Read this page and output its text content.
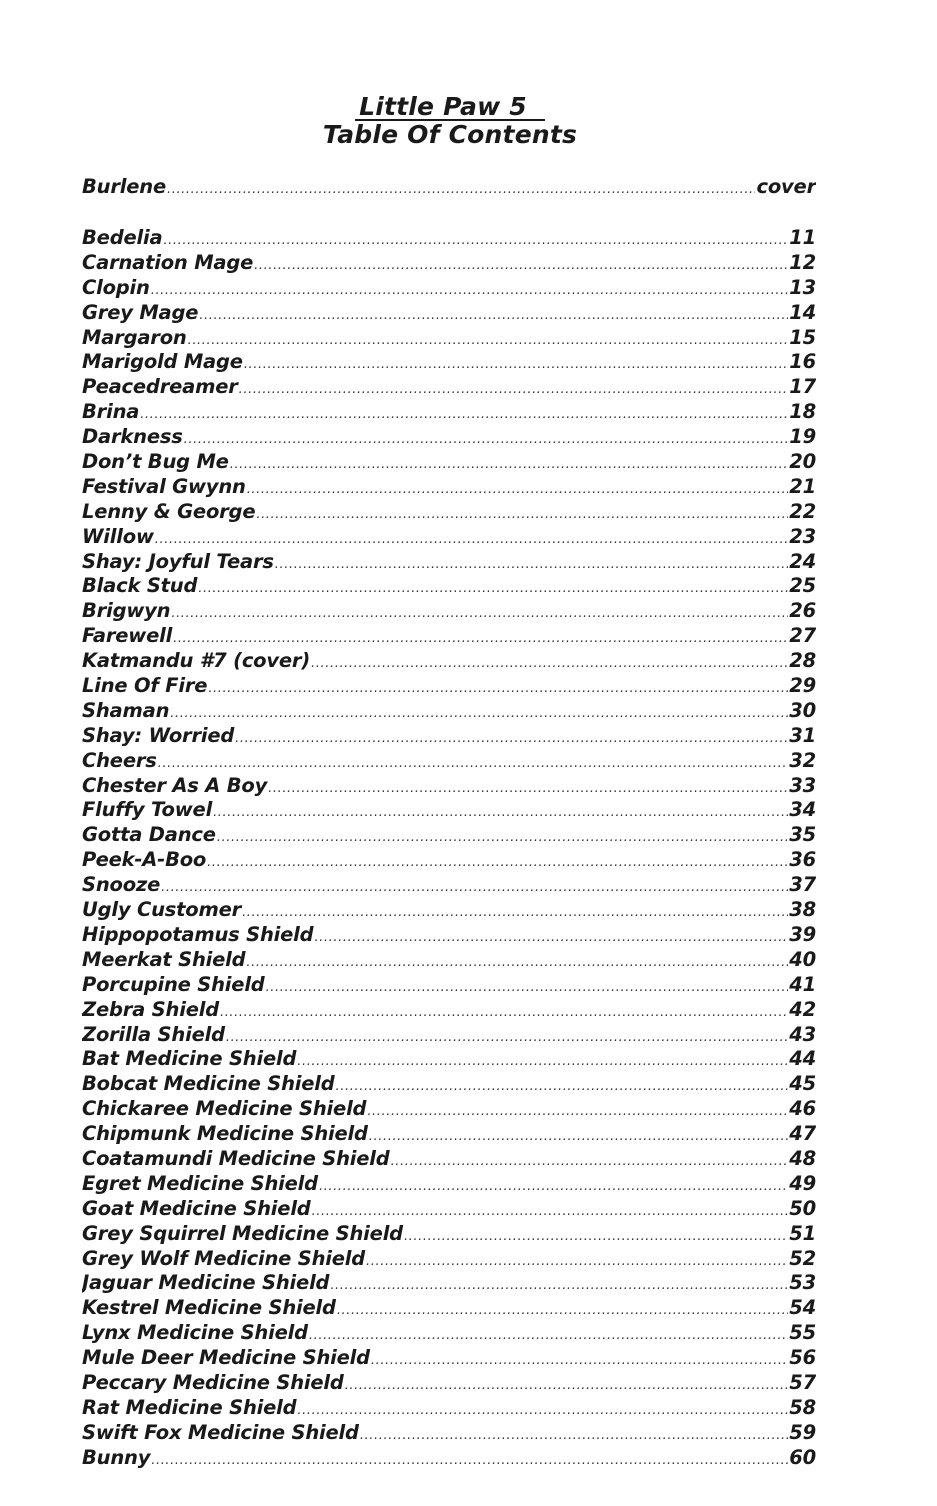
Little Paw 5
Table Of Contents
Burlene .....	cover
Bedelia .....	11
Carnation Mage .....	12
Clopin .....	13
Grey Mage .....	14
Margaron .....	15
Marigold Mage .....	16
Peacedreamer .....	17
Brina .....	18
Darkness .....	19
Don’t Bug Me .....	20
Festival Gwynn .....	21
Lenny & George .....	22
Willow .....	23
Shay: Joyful Tears .....	24
Black Stud .....	25
Brigwyn .....	26
Farewell .....	27
Katmandu #7 (cover) .....	28
Line Of Fire .....	29
Shaman .....	30
Shay: Worried .....	31
Cheers .....	32
Chester As A Boy .....	33
Fluffy Towel .....	34
Gotta Dance .....	35
Peek-A-Boo .....	36
Snooze .....	37
Ugly Customer .....	38
Hippopotamus Shield .....	39
Meerkat Shield .....	40
Porcupine Shield .....	41
Zebra Shield .....	42
Zorilla Shield .....	43
Bat Medicine Shield .....	44
Bobcat Medicine Shield .....	45
Chickaree Medicine Shield .....	46
Chipmunk Medicine Shield .....	47
Coatamundi Medicine Shield .....	48
Egret Medicine Shield .....	49
Goat Medicine Shield .....	50
Grey Squirrel Medicine Shield .....	51
Grey Wolf Medicine Shield .....	52
Jaguar Medicine Shield .....	53
Kestrel Medicine Shield .....	54
Lynx Medicine Shield .....	55
Mule Deer Medicine Shield .....	56
Peccary Medicine Shield .....	57
Rat Medicine Shield .....	58
Swift Fox Medicine Shield .....	59
Bunny .....	60
